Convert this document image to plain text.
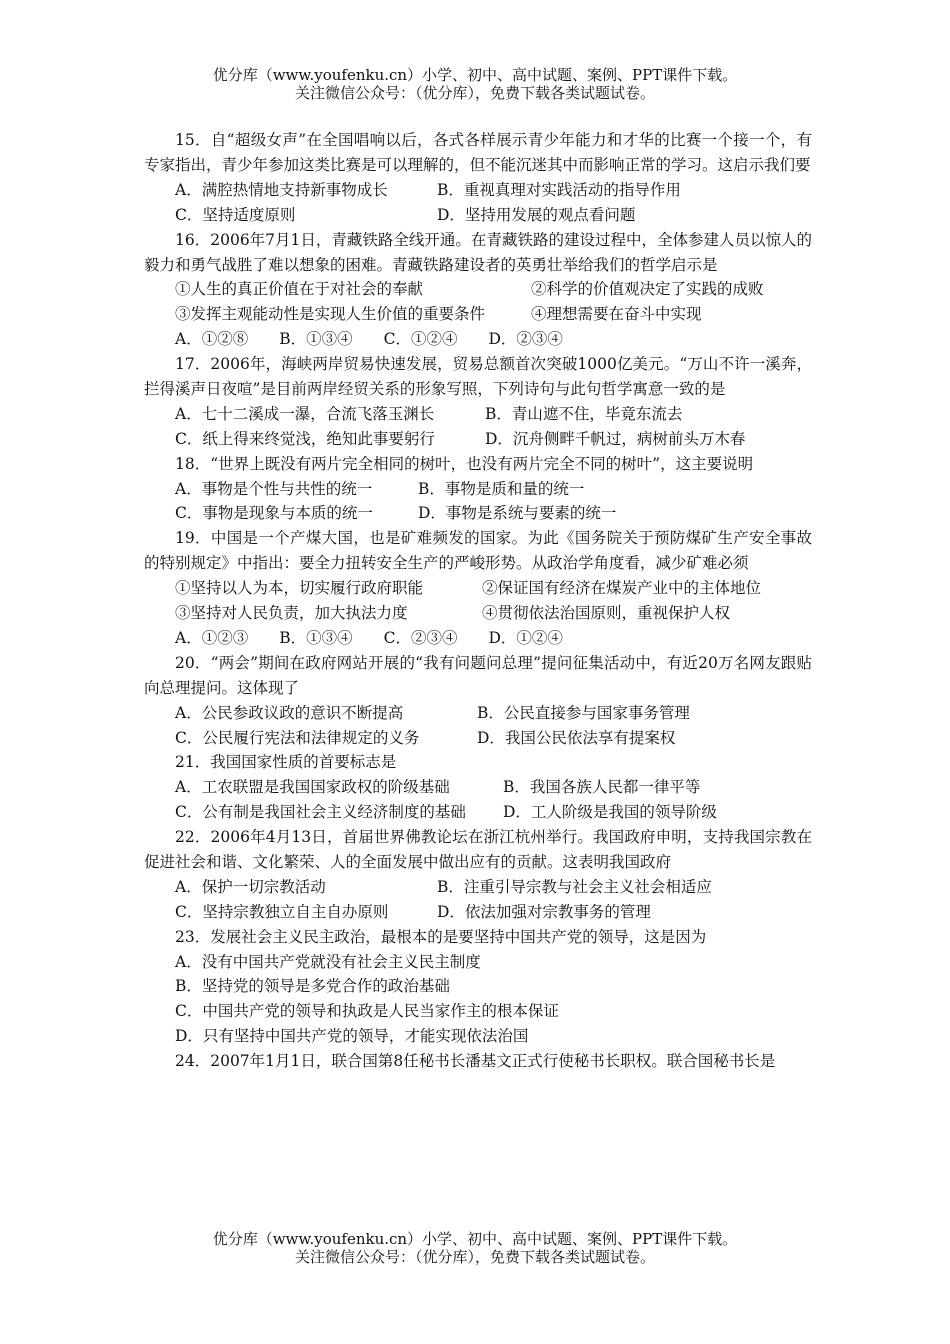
优分库（www.youfenku.cn）小学、初中、高中试题、案例、PPT课件下载。
关注微信公众号：（优分库），免费下载各类试题试卷。
15．自“超级女声”在全国唱响以后，各式各样展示青少年能力和才华的比赛一个接一个，有专家指出，青少年参加这类比赛是可以理解的，但不能沉迷其中而影响正常的学习。这启示我们要
A．满腔热情地支持新事物成长	B．重视真理对实践活动的指导作用
C．坚持适度原则	D．坚持用发展的观点看问题
16．2006年7月1日，青藏铁路全线开通。在青藏铁路的建设过程中，全体参建人员以惊人的毅力和勇气战胜了难以想象的困难。青藏铁路建设者的英勇壮举给我们的哲学启示是
①人生的真正价值在于对社会的奉献	②科学的价值观决定了实践的成败
③发挥主观能动性是实现人生价值的重要条件	④理想需要在奋斗中实现
A．①②⑧　　B．①③④　　C．①②④　　D．②③④
17．2006年，海峡两岸贸易快速发展，贸易总额首次突破1000亿美元。“万山不许一溪奔，拦得溪声日夜喧”是目前两岸经贸关系的形象写照，下列诗句与此句哲学寓意一致的是
A．七十二溪成一瀑，合流飞落玉渊长	B．青山遮不住，毕竟东流去
C．纸上得来终觉浅，绝知此事要躬行	D．沉舟侧畔千帆过，病树前头万木春
18．“世界上既没有两片完全相同的树叶，也没有两片完全不同的树叶”，这主要说明
A．事物是个性与共性的统一	B．事物是质和量的统一
C．事物是现象与本质的统一	D．事物是系统与要素的统一
19．中国是一个产煤大国，也是矿难频发的国家。为此《国务院关于预防煤矿生产安全事故的特别规定》中指出：要全力扭转安全生产的严峻形势。从政治学角度看，减少矿难必须
①坚持以人为本，切实履行政府职能	②保证国有经济在煤炭产业中的主体地位
③坚持对人民负责，加大执法力度	④贯彻依法治国原则，重视保护人权
A．①②③　　B．①③④　　C．②③④　　D．①②④
20．“两会”期间在政府网站开展的“我有问题问总理”提问征集活动中，有近20万名网友跟贴向总理提问。这体现了
A．公民参政议政的意识不断提高	B．公民直接参与国家事务管理
C．公民履行宪法和法律规定的义务	D．我国公民依法享有提案权
21．我国国家性质的首要标志是
A．工农联盟是我国国家政权的阶级基础	B．我国各族人民都一律平等
C．公有制是我国社会主义经济制度的基础	D．工人阶级是我国的领导阶级
22．2006年4月13日，首届世界佛教论坛在浙江杭州举行。我国政府申明，支持我国宗教在促进社会和谐、文化繁荣、人的全面发展中做出应有的贡献。这表明我国政府
A．保护一切宗教活动	B．注重引导宗教与社会主义社会相适应
C．坚持宗教独立自主自办原则	D．依法加强对宗教事务的管理
23．发展社会主义民主政治，最根本的是要坚持中国共产党的领导，这是因为
A．没有中国共产党就没有社会主义民主制度
B．坚持党的领导是多党合作的政治基础
C．中国共产党的领导和执政是人民当家作主的根本保证
D．只有坚持中国共产党的领导，才能实现依法治国
24．2007年1月1日，联合国第8任秘书长潘基文正式行使秘书长职权。联合国秘书长是
优分库（www.youfenku.cn）小学、初中、高中试题、案例、PPT课件下载。
关注微信公众号：（优分库），免费下载各类试题试卷。
